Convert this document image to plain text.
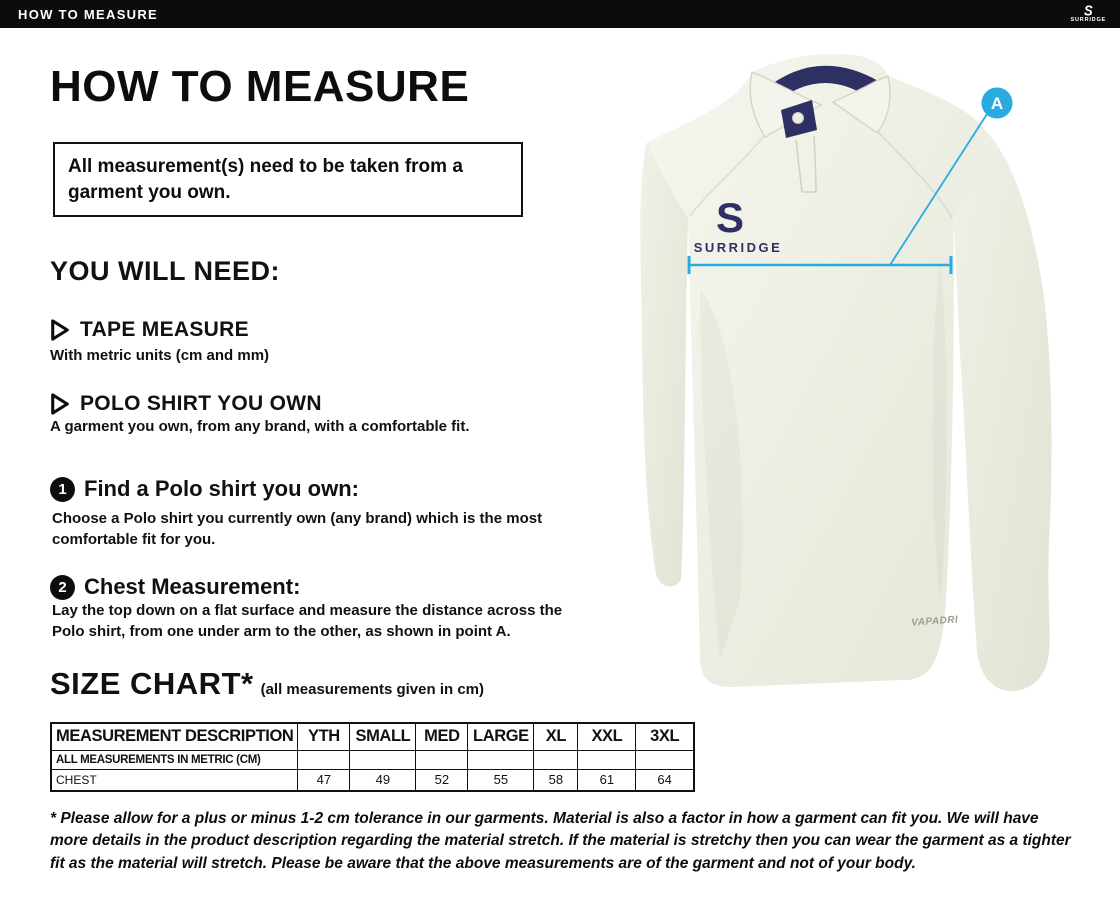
HOW TO MEASURE	S
SURRIDGE
HOW TO MEASURE
All measurement(s) need to be taken from a garment you own.
YOU WILL NEED:
TAPE MEASURE
With metric units (cm and mm)
POLO SHIRT YOU OWN
A garment you own, from any brand, with a comfortable fit.
1 Find a Polo shirt you own:
Choose a Polo shirt you currently own (any brand) which is the most comfortable fit for you.
2 Chest Measurement:
Lay the top down on a flat surface and measure the distance across the Polo shirt, from one under arm to the other, as shown in point A.
SIZE CHART* (all measurements given in cm)
MEASUREMENT DESCRIPTION	YTH	SMALL	MED	LARGE	XL	XXL	3XL
ALL MEASUREMENTS IN METRIC (CM)							
CHEST	47	49	52	55	58	61	64
* Please allow for a plus or minus 1-2 cm tolerance in our garments. Material is also a factor in how a garment can fit you. We will have more details in the product description regarding the material stretch. If the material is stretchy then you can wear the garment as a tighter fit as the material will stretch. Please be aware that the above measurements are of the garment and not of your body.
S
SURRIDGE
VAPADRI
A
